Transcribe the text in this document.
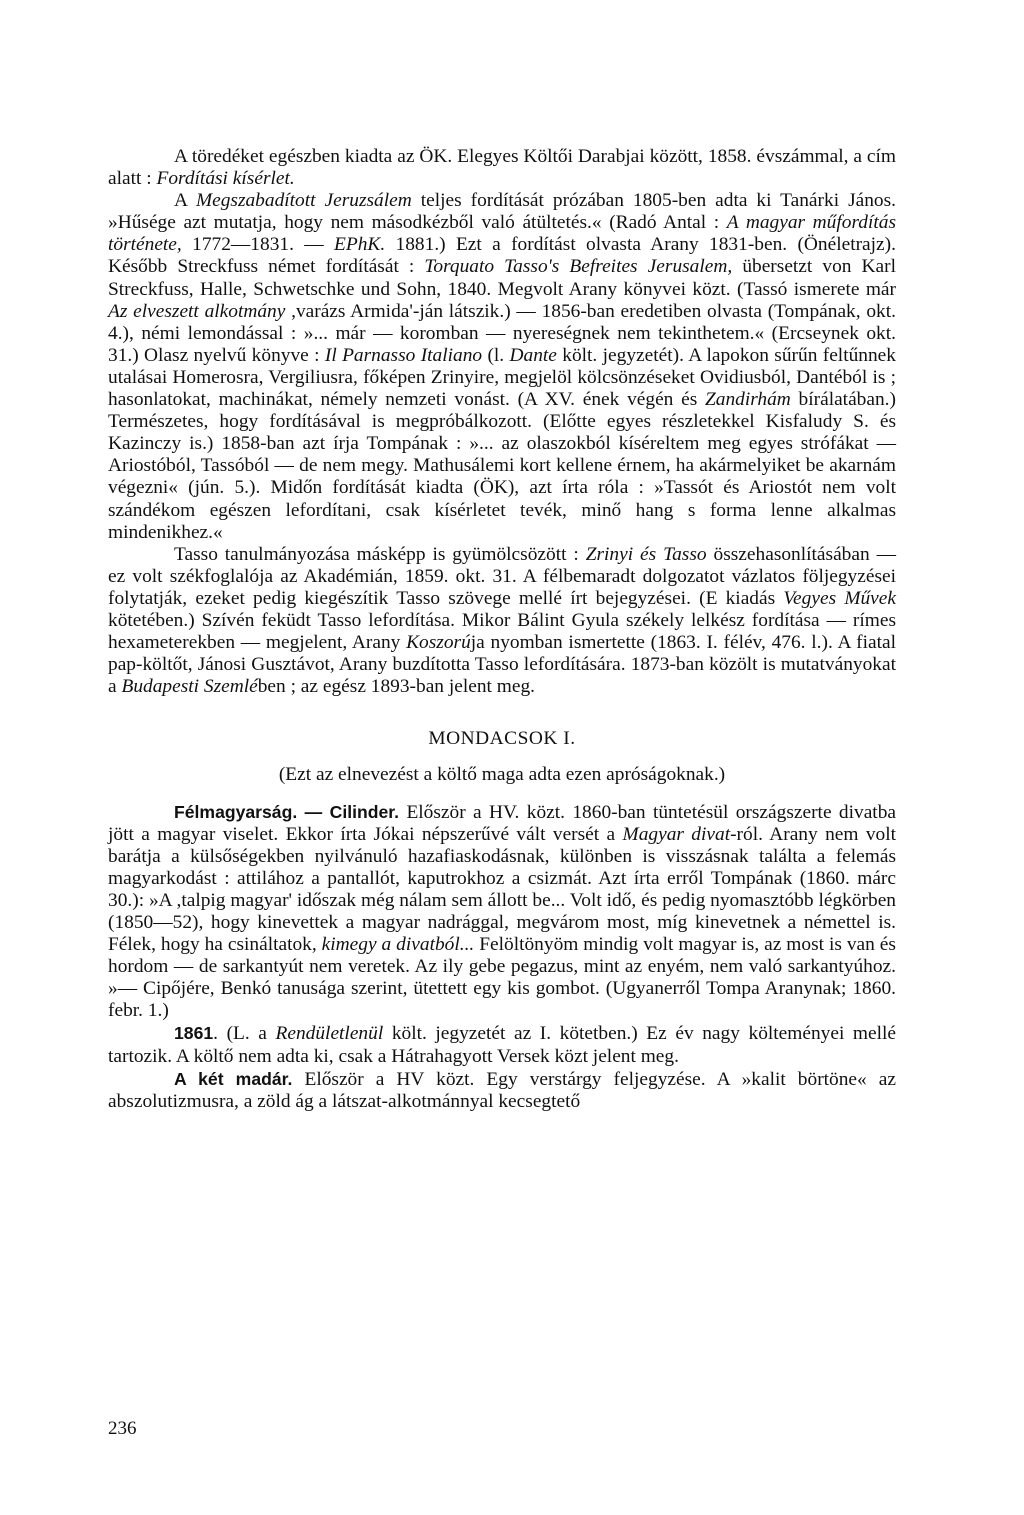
A töredéket egészben kiadta az ÖK. Elegyes Költői Darabjai között, 1858. évszámmal, a cím alatt : Fordítási kísérlet.

A Megszabadított Jeruzsálem teljes fordítását prózában 1805-ben adta ki Tanárki János. »Hűsége azt mutatja, hogy nem másodkézből való átültetés.« (Radó Antal : A magyar műfordítás története, 1772—1831. — EPhK. 1881.) Ezt a fordítást olvasta Arany 1831-ben. (Önéletrajz). Később Streckfuss német fordítását : Torquato Tasso's Befreites Jerusalem, übersetzt von Karl Streckfuss, Halle, Schwetschke und Sohn, 1840. Megvolt Arany könyvei közt. (Tassó ismerete már Az elveszett alkotmány ,varázs Armida'-ján látszik.) — 1856-ban eredetiben olvasta (Tompának, okt. 4.), némi lemondással : »... már — koromban — nyereségnek nem tekinthetem.« (Ercseynek okt. 31.) Olasz nyelvű könyve : Il Parnasso Italiano (l. Dante költ. jegyzetét). A lapokon sűrűn feltűnnek utalásai Homerosra, Vergiliusra, főképen Zrinyire, megjelöl kölcsönzéseket Ovidiusból, Dantéból is ; hasonlatokat, machinákat, némely nemzeti vonást. (A XV. ének végén és Zandirhám bírálatában.) Természetes, hogy fordításával is megpróbálkozott. (Előtte egyes részletekkel Kisfaludy S. és Kazinczy is.) 1858-ban azt írja Tompának : »... az olaszokból kíséreltem meg egyes strófákat — Ariostóból, Tassóból — de nem megy. Mathusálemi kort kellene érnem, ha akármelyiket be akarnám végezni« (jún. 5.). Midőn fordítását kiadta (ÖK), azt írta róla : »Tassót és Ariostót nem volt szándékom egészen lefordítani, csak kísérletet tevék, minő hang s forma lenne alkalmas mindenikhez.«

Tasso tanulmányozása másképp is gyümölcsözött : Zrinyi és Tasso összehasonlításában — ez volt székfoglalója az Akadémián, 1859. okt. 31. A félbemaradt dolgozatot vázlatos följegyzései folytatják, ezeket pedig kiegészítik Tasso szövege mellé írt bejegyzései. (E kiadás Vegyes Művek kötetében.) Szívén feküdt Tasso lefordítása. Mikor Bálint Gyula székely lelkész fordítása — rímes hexameterekben — megjelent, Arany Koszorúja nyomban ismertette (1863. I. félév, 476. l.). A fiatal pap-költőt, Jánosi Gusztávot, Arany buzdította Tasso lefordítására. 1873-ban közölt is mutatványokat a Budapesti Szemlében ; az egész 1893-ban jelent meg.

MONDACSOK I.

(Ezt az elnevezést a költő maga adta ezen apróságoknak.)

Félmagyarság. — Cilinder. Először a HV. közt. 1860-ban tüntetésül országszerte divatba jött a magyar viselet. Ekkor írta Jókai népszerűvé vált versét a Magyar divat-ról. Arany nem volt barátja a külsőségekben nyilvánuló hazafiaskodásnak, különben is visszásnak találta a felemás magyarkodást : attilához a pantallót, kaputrokhoz a csizmát. Azt írta erről Tompának (1860. márc 30.): »A ,talpig magyar' időszak még nálam sem állott be... Volt idő, és pedig nyomasztóbb légkörben (1850—52), hogy kinevettek a magyar nadrággal, megvárom most, míg kinevetnek a némettel is. Félek, hogy ha csináltatok, kimegy a divatból... Felöltönyöm mindig volt magyar is, az most is van és hordom — de sarkantyút nem veretek. Az ily gebe pegazus, mint az enyém, nem való sarkantyúhoz. »— Cipőjére, Benkó tanusága szerint, ütettett egy kis gombot. (Ugyanerről Tompa Aranynak; 1860. febr. 1.)

1861. (L. a Rendületlenül költ. jegyzetét az I. kötetben.) Ez év nagy költeményei mellé tartozik. A költő nem adta ki, csak a Hátrahagyott Versek közt jelent meg.

A két madár. Először a HV közt. Egy verstárgy feljegyzése. A »kalit börtöne« az abszolutizmusra, a zöld ág a látszat-alkotmánnyal kecsegtető

236
